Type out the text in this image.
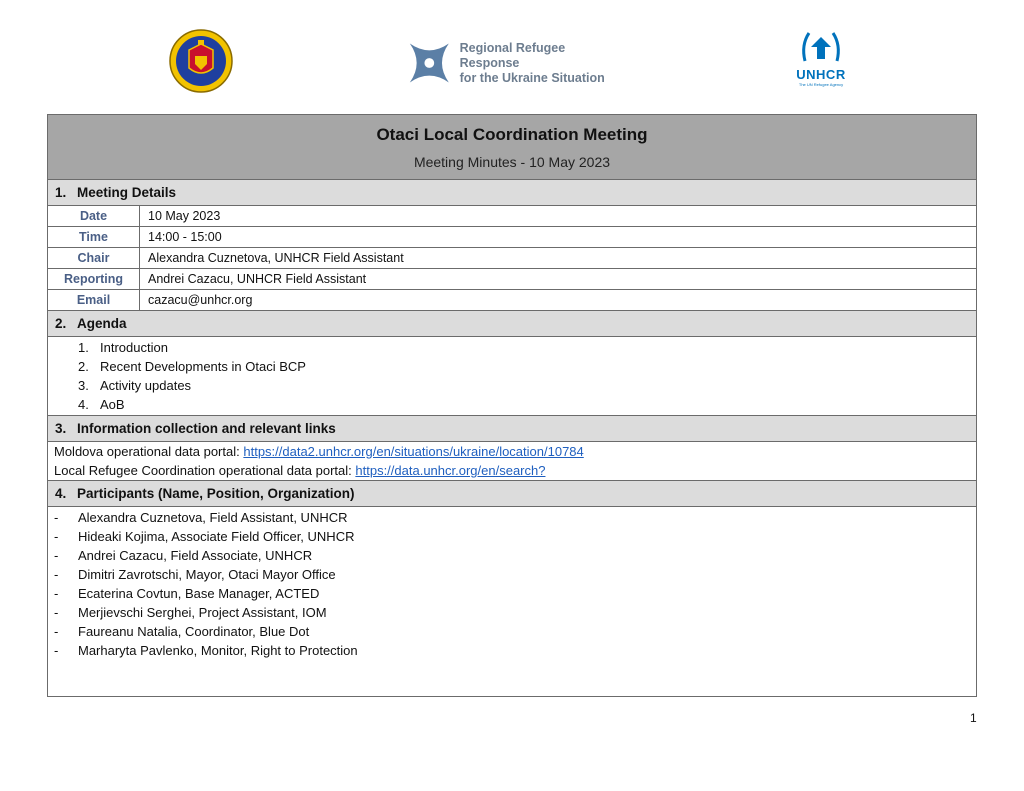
Regional Refugee Response
for the Ukraine Situation	UNHCR
The UN Refugee Agency
Otaci Local Coordination Meeting
Meeting Minutes - 10 May 2023
1. Meeting Details
Date	10 May 2023
Time	14:00 - 15:00
Chair	Alexandra Cuznetova, UNHCR Field Assistant
Reporting	Andrei Cazacu, UNHCR Field Assistant
Email	cazacu@unhcr.org
2. Agenda
1. Introduction
2. Recent Developments in Otaci BCP
3. Activity updates
4. AoB
3. Information collection and relevant links
Moldova operational data portal: https://data2.unhcr.org/en/situations/ukraine/location/10784
Local Refugee Coordination operational data portal: https://data.unhcr.org/en/search?
4. Participants (Name, Position, Organization)
- Alexandra Cuznetova, Field Assistant, UNHCR
- Hideaki Kojima, Associate Field Officer, UNHCR
- Andrei Cazacu, Field Associate, UNHCR
- Dimitri Zavrotschi, Mayor, Otaci Mayor Office
- Ecaterina Covtun, Base Manager, ACTED
- Merjievschi Serghei, Project Assistant, IOM
- Faureanu Natalia, Coordinator, Blue Dot
- Marharyta Pavlenko, Monitor, Right to Protection
1
